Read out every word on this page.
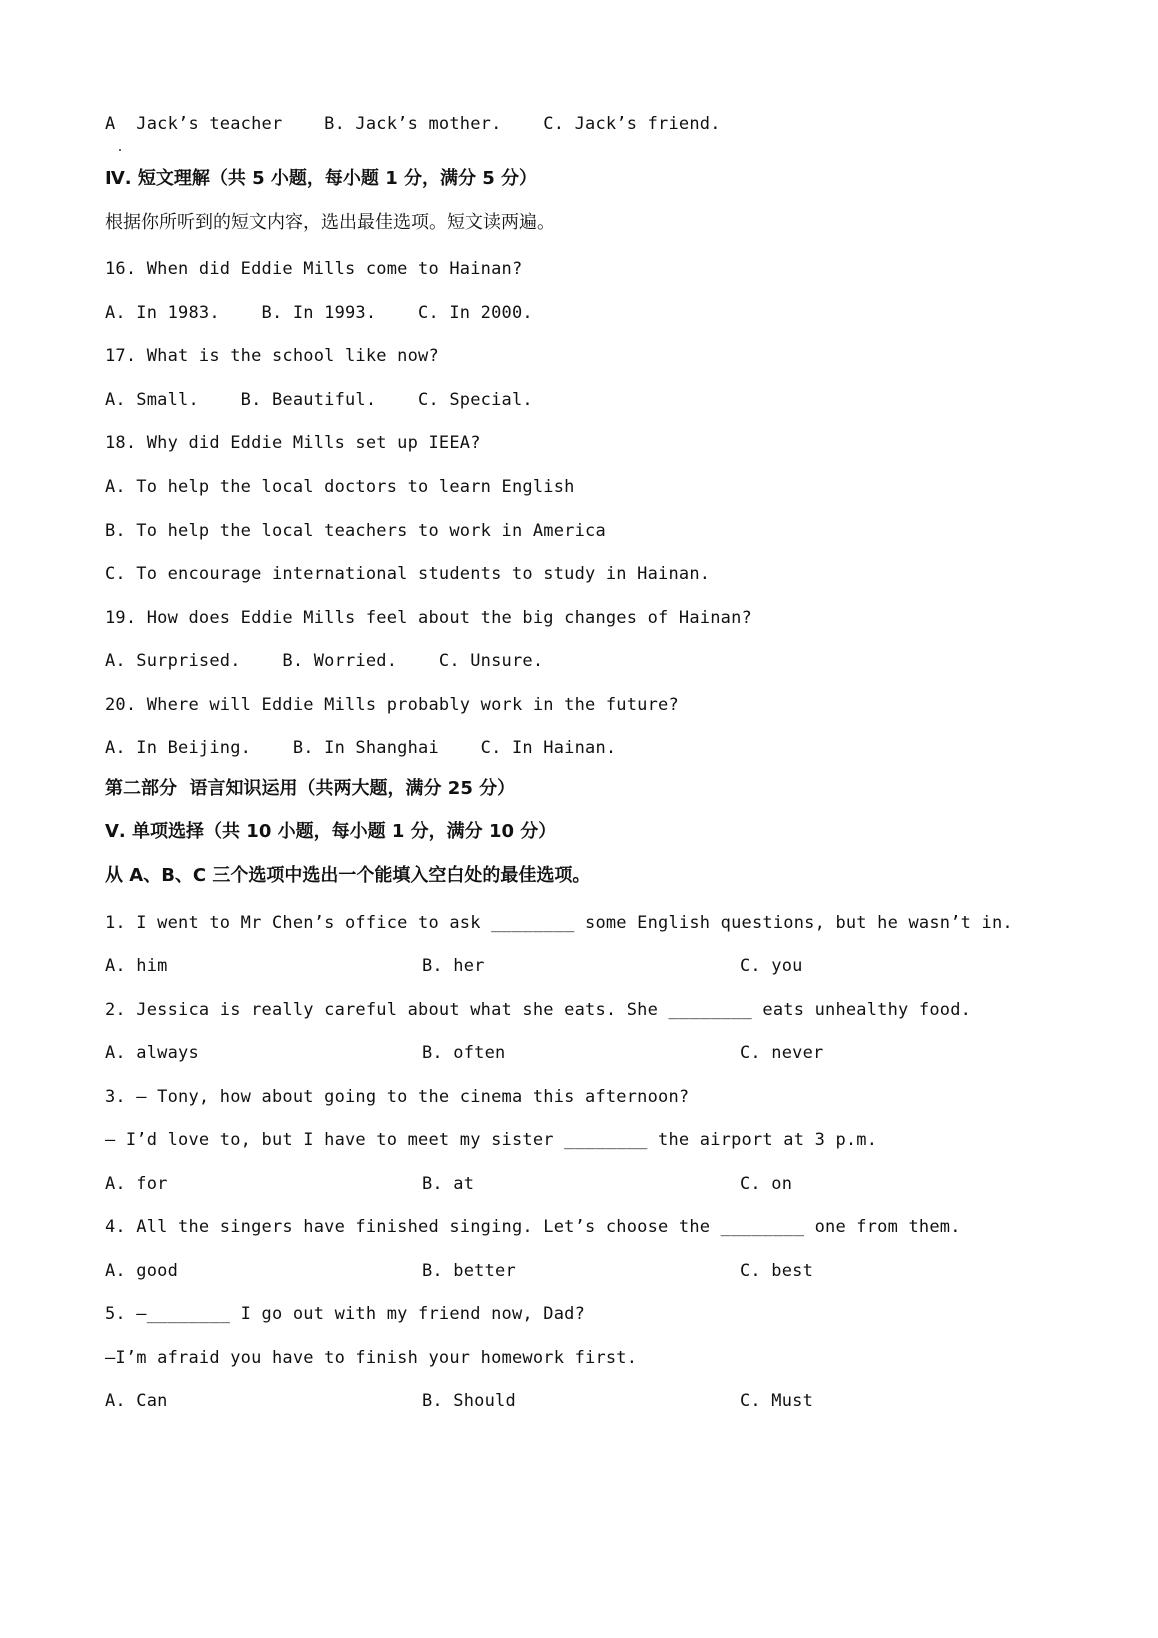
A  Jack’s teacher    B. Jack’s mother.    C. Jack’s friend.
Ⅳ. 短文理解（共 5 小题，每小题 1 分，满分 5 分）
根据你所听到的短文内容，选出最佳选项。短文读两遍。
16. When did Eddie Mills come to Hainan?
A. In 1983.    B. In 1993.    C. In 2000.
17. What is the school like now?
A. Small.    B. Beautiful.    C. Special.
18. Why did Eddie Mills set up IEEA?
A. To help the local doctors to learn English
B. To help the local teachers to work in America
C. To encourage international students to study in Hainan.
19. How does Eddie Mills feel about the big changes of Hainan?
A. Surprised.    B. Worried.    C. Unsure.
20. Where will Eddie Mills probably work in the future?
A. In Beijing.    B. In Shanghai    C. In Hainan.
第二部分  语言知识运用（共两大题，满分 25 分）
Ⅴ. 单项选择（共 10 小题，每小题 1 分，满分 10 分）
从 A、B、C 三个选项中选出一个能填入空白处的最佳选项。
1. I went to Mr Chen’s office to ask ________ some English questions, but he wasn’t in.
A. him	B. her	C. you
2. Jessica is really careful about what she eats. She ________ eats unhealthy food.
A. always	B. often	C. never
3. — Tony, how about going to the cinema this afternoon?
— I’d love to, but I have to meet my sister ________ the airport at 3 p.m.
A. for	B. at	C. on
4. All the singers have finished singing. Let’s choose the ________ one from them.
A. good	B. better	C. best
5. —________ I go out with my friend now, Dad?
—I’m afraid you have to finish your homework first.
A. Can	B. Should	C. Must
